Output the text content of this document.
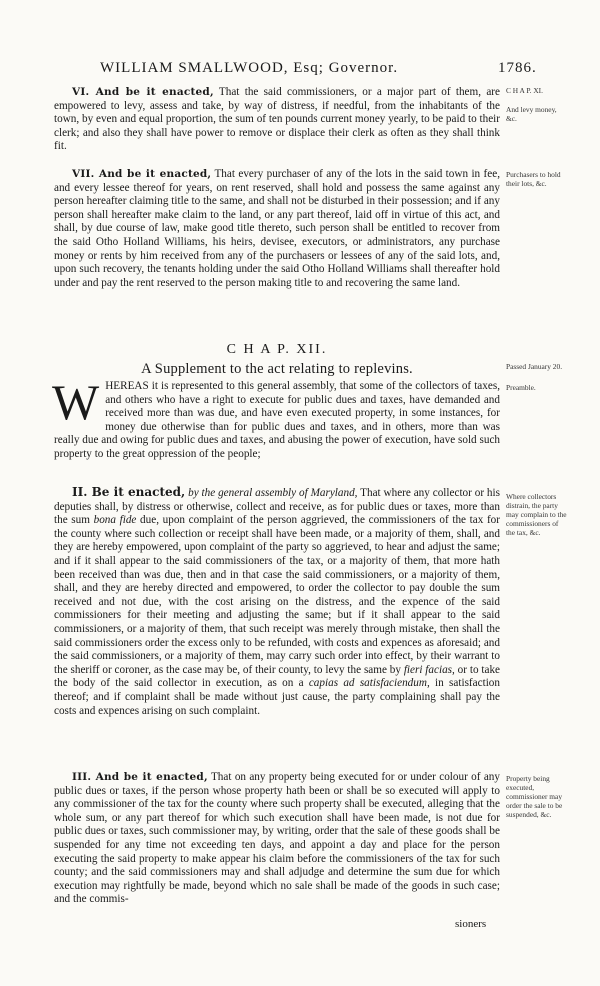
WILLIAM SMALLWOOD, Esq; Governor.	1786.

VI. And be it enacted, That the said commissioners, or a major part of them, are empowered to levy, assess and take, by way of distress, if needful, from the inhabitants of the town, by even and equal proportion, the sum of ten pounds current money yearly, to be paid to their clerk; and also they shall have power to remove or displace their clerk as often as they shall think fit.

C H A P. XI.
And levy money, &c.

VII. And be it enacted, That every purchaser of any of the lots in the said town in fee, and every lessee thereof for years, on rent reserved, shall hold and possess the same against any person hereafter claiming title to the same, and shall not be disturbed in their possession; and if any person shall hereafter make claim to the land, or any part thereof, laid off in virtue of this act, and shall, by due course of law, make good title thereto, such person shall be entitled to recover from the said Otho Holland Williams, his heirs, devisee, executors, or administrators, any purchase money or rents by him received from any of the purchasers or lessees of any of the said lots, and, upon such recovery, the tenants holding under the said Otho Holland Williams shall thereafter hold under and pay the rent reserved to the person making title to and recovering the same land.

Purchasers to hold their lots, &c.
C H A P. XII.
A Supplement to the act relating to replevins.	Passed January 20.
Preamble.

WHEREAS it is represented to this general assembly, that some of the collectors of taxes, and others who have a right to execute for public dues and taxes, have demanded and received more than was due, and have even executed property, in some instances, for money due otherwise than for public dues and taxes, and in others, more than was really due and owing for public dues and taxes, and abusing the power of execution, have sold such property to the great oppression of the people;

II. Be it enacted, by the general assembly of Maryland, That where any collector or his deputies shall, by distress or otherwise, collect and receive, as for public dues or taxes, more than the sum bona fide due, upon complaint of the person aggrieved, the commissioners of the tax for the county where such collection or receipt shall have been made, or a majority of them, shall, and they are hereby empowered, upon complaint of the party so aggrieved, to hear and adjust the same; and if it shall appear to the said commissioners of the tax, or a majority of them, that more hath been received than was due, then and in that case the said commissioners, or a majority of them, shall, and they are hereby directed and empowered, to order the collector to pay double the sum received and not due, with the cost arising on the distress, and the expence of the said commissioners for their meeting and adjusting the same; but if it shall appear to the said commissioners, or a majority of them, that such receipt was merely through mistake, then shall the said commissioners order the excess only to be refunded, with costs and expences as aforesaid; and the said commissioners, or a majority of them, may carry such order into effect, by their warrant to the sheriff or coroner, as the case may be, of their county, to levy the same by fieri facias, or to take the body of the said collector in execution, as on a capias ad satisfaciendum, in satisfaction thereof; and if complaint shall be made without just cause, the party complaining shall pay the costs and expences arising on such complaint.

Where collectors distrain, the party may complain to the commissioners of the tax, &c.

III. And be it enacted, That on any property being executed for or under colour of any public dues or taxes, if the person whose property hath been or shall be so executed will apply to any commissioner of the tax for the county where such property shall be executed, alleging that the whole sum, or any part thereof for which such execution shall have been made, is not due for public dues or taxes, such commissioner may, by writing, order that the sale of these goods shall be suspended for any time not exceeding ten days, and appoint a day and place for the person executing the said property to make appear his claim before the commissioners of the tax for such county; and the said commissioners may and shall adjudge and determine the sum due for which execution may rightfully be made, beyond which no sale shall be made of the goods in such case; and the commis-

Property being executed, commissioner may order the sale to be suspended, &c.
sioners
